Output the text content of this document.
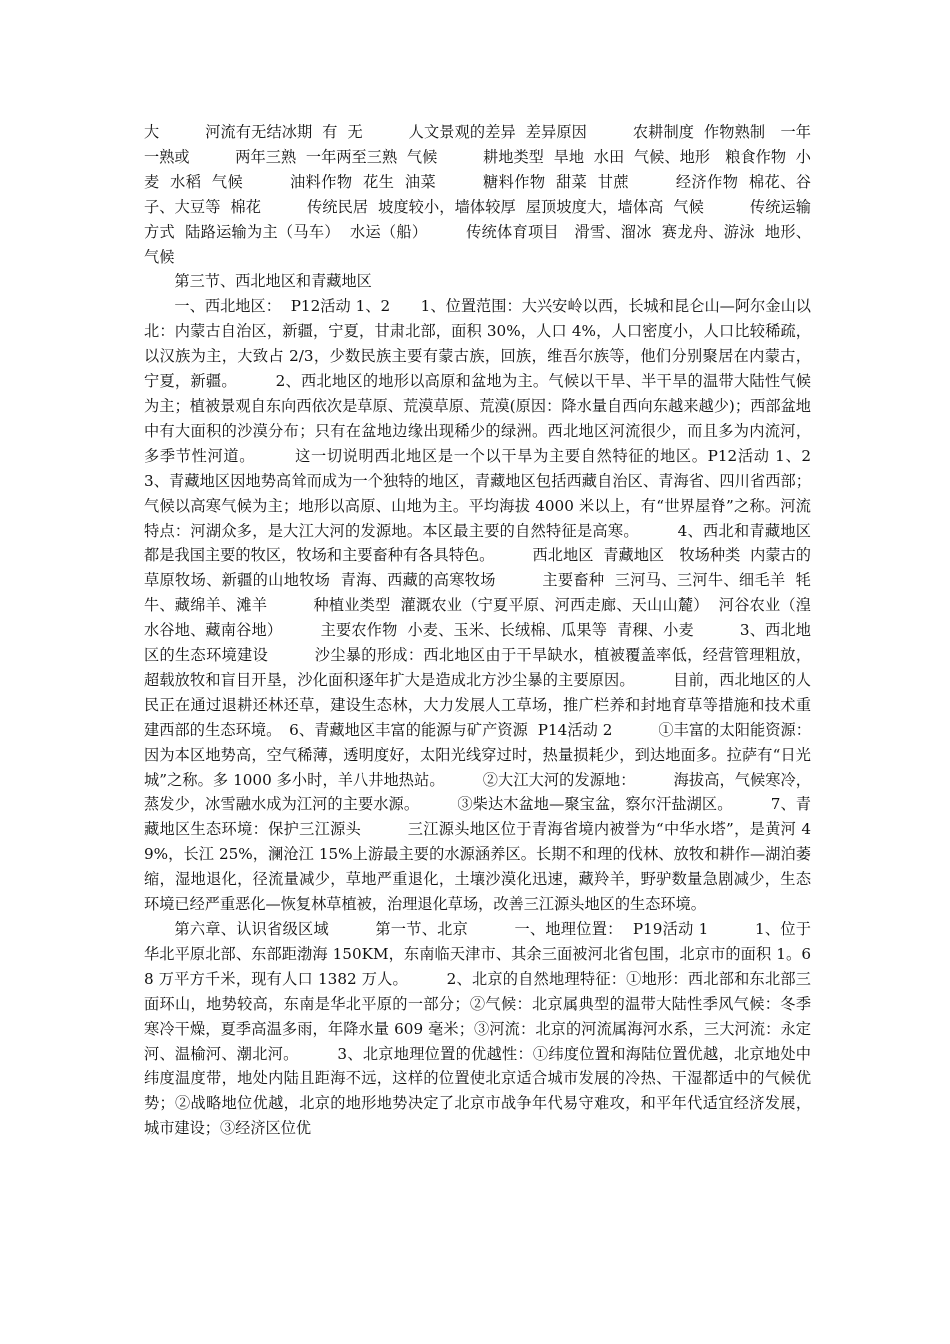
大　　　河流有无结冰期  有  无　　　人文景观的差异  差异原因　　　农耕制度  作物熟制　一年一熟或　　　两年三熟  一年两至三熟  气候　　　耕地类型  旱地  水田  气候、地形　粮食作物  小麦  水稻  气候　　　油料作物  花生  油菜　　　糖料作物  甜菜  甘蔗　　　经济作物  棉花、谷子、大豆等  棉花　　　传统民居  坡度较小，墙体较厚  屋顶坡度大，墙体高  气候　　　传统运输方式  陆路运输为主（马车）  水运（船）　　　传统体育项目　滑雪、溜冰  赛龙舟、游泳  地形、气候

第三节、西北地区和青藏地区

一、西北地区：  P12活动 1、2　　1、位置范围：大兴安岭以西，长城和昆仑山—阿尔金山以北：内蒙古自治区，新疆，宁夏，甘肃北部，面积 30%，人口 4%，人口密度小，人口比较稀疏，以汉族为主，大致占 2/3，少数民族主要有蒙古族，回族，维吾尔族等，他们分别聚居在内蒙古，宁夏，新疆。　　　2、西北地区的地形以高原和盆地为主。气候以干旱、半干旱的温带大陆性气候为主；植被景观自东向西依次是草原、荒漠草原、荒漠(原因：降水量自西向东越来越少)；西部盆地中有大面积的沙漠分布；只有在盆地边缘出现稀少的绿洲。西北地区河流很少，而且多为内流河，多季节性河道。　　　这一切说明西北地区是一个以干旱为主要自然特征的地区。P12活动 1、2　　　3、青藏地区因地势高耸而成为一个独特的地区，青藏地区包括西藏自治区、青海省、四川省西部；气候以高寒气候为主；地形以高原、山地为主。平均海拔 4000 米以上，有“世界屋脊”之称。河流特点：河湖众多，是大江大河的发源地。本区最主要的自然特征是高寒。　　　4、西北和青藏地区都是我国主要的牧区，牧场和主要畜种有各具特色。　　　西北地区  青藏地区　牧场种类  内蒙古的草原牧场、新疆的山地牧场  青海、西藏的高寒牧场　　　主要畜种  三河马、三河牛、细毛羊  牦牛、藏绵羊、滩羊　　　种植业类型  灌溉农业（宁夏平原、河西走廊、天山山麓）  河谷农业（湟水谷地、藏南谷地）　　　主要农作物  小麦、玉米、长绒棉、瓜果等  青稞、小麦　　　3、西北地区的生态环境建设　　　沙尘暴的形成：西北地区由于干旱缺水，植被覆盖率低，经营管理粗放，超载放牧和盲目开垦，沙化面积逐年扩大是造成北方沙尘暴的主要原因。　　　目前，西北地区的人民正在通过退耕还林还草，建设生态林，大力发展人工草场，推广栏养和封地育草等措施和技术重建西部的生态环境。　6、青藏地区丰富的能源与矿产资源  P14活动 2　　　①丰富的太阳能资源：因为本区地势高，空气稀薄，透明度好，太阳光线穿过时，热量损耗少，到达地面多。拉萨有“日光城”之称。多 1000 多小时，羊八井地热站。　　　②大江大河的发源地：　　　海拔高，气候寒冷，蒸发少，冰雪融水成为江河的主要水源。　　　③柴达木盆地—聚宝盆，察尔汗盐湖区。　　　7、青藏地区生态环境：保护三江源头　　　三江源头地区位于青海省境内被誉为“中华水塔”，是黄河 49%，长江 25%，澜沧江 15%上游最主要的水源涵养区。长期不和理的伐林、放牧和耕作—湖泊萎缩，湿地退化，径流量减少，草地严重退化，土壤沙漠化迅速，藏羚羊，野驴数量急剧减少，生态环境已经严重恶化—恢复林草植被，治理退化草场，改善三江源头地区的生态环境。

第六章、认识省级区域　　　第一节、北京　　　一、地理位置：  P19活动 1　　　1、位于华北平原北部、东部距渤海 150KM，东南临天津市、其余三面被河北省包围，北京市的面积 1。68 万平方千米，现有人口 1382 万人。　　　2、北京的自然地理特征：①地形：西北部和东北部三面环山，地势较高，东南是华北平原的一部分；②气候：北京属典型的温带大陆性季风气候：冬季寒冷干燥，夏季高温多雨，年降水量 609 毫米；③河流：北京的河流属海河水系，三大河流：永定河、温榆河、潮北河。　　　3、北京地理位置的优越性：①纬度位置和海陆位置优越，北京地处中纬度温度带，地处内陆且距海不远，这样的位置使北京适合城市发展的冷热、干湿都适中的气候优势；②战略地位优越，北京的地形地势决定了北京市战争年代易守难攻，和平年代适宜经济发展，城市建设；③经济区位优
